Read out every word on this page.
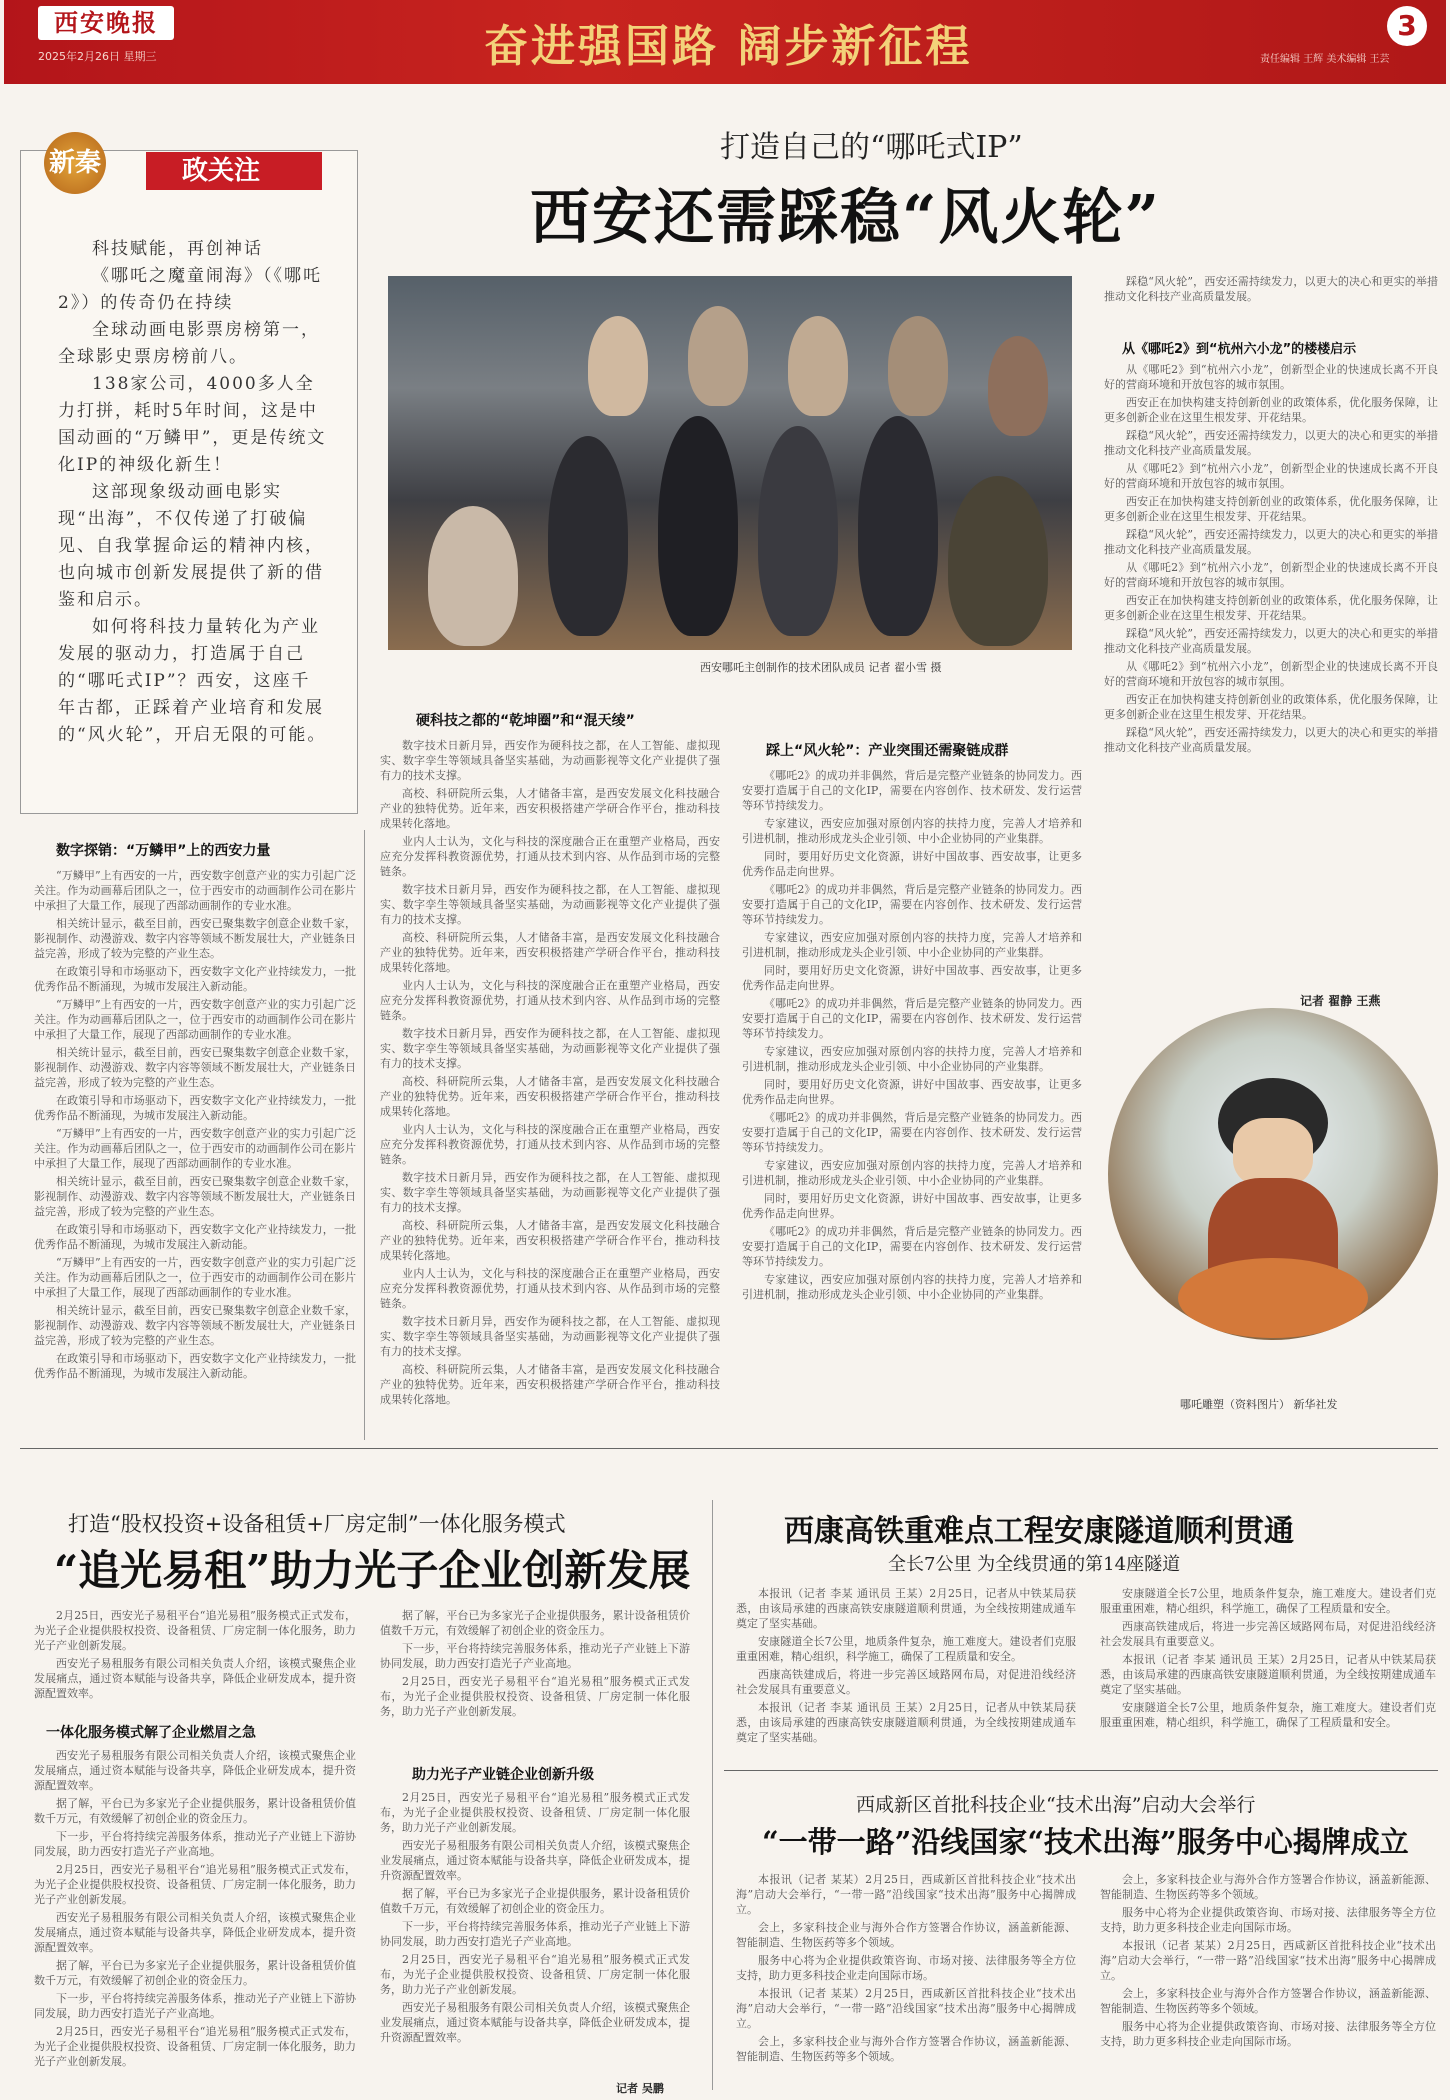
西安晚报
2025年2月26日 星期三	奋进强国路 阔步新征程	3
责任编辑 王辉 美术编辑 王芸
新秦	政关注

科技赋能，再创神话

《哪吒之魔童闹海》（《哪吒2》）的传奇仍在持续

全球动画电影票房榜第一，全球影史票房榜前八。

138家公司，4000多人全力打拼，耗时5年时间，这是中国动画的“万鳞甲”，更是传统文化IP的神级化新生！

这部现象级动画电影实现“出海”，不仅传递了打破偏见、自我掌握命运的精神内核，也向城市创新发展提供了新的借鉴和启示。

如何将科技力量转化为产业发展的驱动力，打造属于自己的“哪吒式IP”？西安，这座千年古都，正踩着产业培育和发展的“风火轮”，开启无限的可能。

打造自己的“哪吒式IP”
西安还需踩稳“风火轮”
西安哪吒主创制作的技术团队成员 记者 翟小雪 摄
数字探销：“万鳞甲”上的西安力量

“万鳞甲”上有西安的一片，西安数字创意产业的实力引起广泛关注。作为动画幕后团队之一，位于西安市的动画制作公司在影片中承担了大量工作，展现了西部动画制作的专业水准。

相关统计显示，截至目前，西安已聚集数字创意企业数千家，影视制作、动漫游戏、数字内容等领域不断发展壮大，产业链条日益完善，形成了较为完整的产业生态。

在政策引导和市场驱动下，西安数字文化产业持续发力，一批优秀作品不断涌现，为城市发展注入新动能。

“万鳞甲”上有西安的一片，西安数字创意产业的实力引起广泛关注。作为动画幕后团队之一，位于西安市的动画制作公司在影片中承担了大量工作，展现了西部动画制作的专业水准。

相关统计显示，截至目前，西安已聚集数字创意企业数千家，影视制作、动漫游戏、数字内容等领域不断发展壮大，产业链条日益完善，形成了较为完整的产业生态。

在政策引导和市场驱动下，西安数字文化产业持续发力，一批优秀作品不断涌现，为城市发展注入新动能。

“万鳞甲”上有西安的一片，西安数字创意产业的实力引起广泛关注。作为动画幕后团队之一，位于西安市的动画制作公司在影片中承担了大量工作，展现了西部动画制作的专业水准。

相关统计显示，截至目前，西安已聚集数字创意企业数千家，影视制作、动漫游戏、数字内容等领域不断发展壮大，产业链条日益完善，形成了较为完整的产业生态。

在政策引导和市场驱动下，西安数字文化产业持续发力，一批优秀作品不断涌现，为城市发展注入新动能。

“万鳞甲”上有西安的一片，西安数字创意产业的实力引起广泛关注。作为动画幕后团队之一，位于西安市的动画制作公司在影片中承担了大量工作，展现了西部动画制作的专业水准。

相关统计显示，截至目前，西安已聚集数字创意企业数千家，影视制作、动漫游戏、数字内容等领域不断发展壮大，产业链条日益完善，形成了较为完整的产业生态。

在政策引导和市场驱动下，西安数字文化产业持续发力，一批优秀作品不断涌现，为城市发展注入新动能。

硬科技之都的“乾坤圈”和“混天绫”

数字技术日新月异，西安作为硬科技之都，在人工智能、虚拟现实、数字孪生等领域具备坚实基础，为动画影视等文化产业提供了强有力的技术支撑。

高校、科研院所云集，人才储备丰富，是西安发展文化科技融合产业的独特优势。近年来，西安积极搭建产学研合作平台，推动科技成果转化落地。

业内人士认为，文化与科技的深度融合正在重塑产业格局，西安应充分发挥科教资源优势，打通从技术到内容、从作品到市场的完整链条。

数字技术日新月异，西安作为硬科技之都，在人工智能、虚拟现实、数字孪生等领域具备坚实基础，为动画影视等文化产业提供了强有力的技术支撑。

高校、科研院所云集，人才储备丰富，是西安发展文化科技融合产业的独特优势。近年来，西安积极搭建产学研合作平台，推动科技成果转化落地。

业内人士认为，文化与科技的深度融合正在重塑产业格局，西安应充分发挥科教资源优势，打通从技术到内容、从作品到市场的完整链条。

数字技术日新月异，西安作为硬科技之都，在人工智能、虚拟现实、数字孪生等领域具备坚实基础，为动画影视等文化产业提供了强有力的技术支撑。

高校、科研院所云集，人才储备丰富，是西安发展文化科技融合产业的独特优势。近年来，西安积极搭建产学研合作平台，推动科技成果转化落地。

业内人士认为，文化与科技的深度融合正在重塑产业格局，西安应充分发挥科教资源优势，打通从技术到内容、从作品到市场的完整链条。

数字技术日新月异，西安作为硬科技之都，在人工智能、虚拟现实、数字孪生等领域具备坚实基础，为动画影视等文化产业提供了强有力的技术支撑。

高校、科研院所云集，人才储备丰富，是西安发展文化科技融合产业的独特优势。近年来，西安积极搭建产学研合作平台，推动科技成果转化落地。

业内人士认为，文化与科技的深度融合正在重塑产业格局，西安应充分发挥科教资源优势，打通从技术到内容、从作品到市场的完整链条。

数字技术日新月异，西安作为硬科技之都，在人工智能、虚拟现实、数字孪生等领域具备坚实基础，为动画影视等文化产业提供了强有力的技术支撑。

高校、科研院所云集，人才储备丰富，是西安发展文化科技融合产业的独特优势。近年来，西安积极搭建产学研合作平台，推动科技成果转化落地。

踩上“风火轮”：产业突围还需聚链成群

《哪吒2》的成功并非偶然，背后是完整产业链条的协同发力。西安要打造属于自己的文化IP，需要在内容创作、技术研发、发行运营等环节持续发力。

专家建议，西安应加强对原创内容的扶持力度，完善人才培养和引进机制，推动形成龙头企业引领、中小企业协同的产业集群。

同时，要用好历史文化资源，讲好中国故事、西安故事，让更多优秀作品走向世界。

《哪吒2》的成功并非偶然，背后是完整产业链条的协同发力。西安要打造属于自己的文化IP，需要在内容创作、技术研发、发行运营等环节持续发力。

专家建议，西安应加强对原创内容的扶持力度，完善人才培养和引进机制，推动形成龙头企业引领、中小企业协同的产业集群。

同时，要用好历史文化资源，讲好中国故事、西安故事，让更多优秀作品走向世界。

《哪吒2》的成功并非偶然，背后是完整产业链条的协同发力。西安要打造属于自己的文化IP，需要在内容创作、技术研发、发行运营等环节持续发力。

专家建议，西安应加强对原创内容的扶持力度，完善人才培养和引进机制，推动形成龙头企业引领、中小企业协同的产业集群。

同时，要用好历史文化资源，讲好中国故事、西安故事，让更多优秀作品走向世界。

《哪吒2》的成功并非偶然，背后是完整产业链条的协同发力。西安要打造属于自己的文化IP，需要在内容创作、技术研发、发行运营等环节持续发力。

专家建议，西安应加强对原创内容的扶持力度，完善人才培养和引进机制，推动形成龙头企业引领、中小企业协同的产业集群。

同时，要用好历史文化资源，讲好中国故事、西安故事，让更多优秀作品走向世界。

《哪吒2》的成功并非偶然，背后是完整产业链条的协同发力。西安要打造属于自己的文化IP，需要在内容创作、技术研发、发行运营等环节持续发力。

专家建议，西安应加强对原创内容的扶持力度，完善人才培养和引进机制，推动形成龙头企业引领、中小企业协同的产业集群。

踩稳“风火轮”，西安还需持续发力，以更大的决心和更实的举措推动文化科技产业高质量发展。

从《哪吒2》到“杭州六小龙”的楼楼启示

从《哪吒2》到“杭州六小龙”，创新型企业的快速成长离不开良好的营商环境和开放包容的城市氛围。

西安正在加快构建支持创新创业的政策体系，优化服务保障，让更多创新企业在这里生根发芽、开花结果。

踩稳“风火轮”，西安还需持续发力，以更大的决心和更实的举措推动文化科技产业高质量发展。

从《哪吒2》到“杭州六小龙”，创新型企业的快速成长离不开良好的营商环境和开放包容的城市氛围。

西安正在加快构建支持创新创业的政策体系，优化服务保障，让更多创新企业在这里生根发芽、开花结果。

踩稳“风火轮”，西安还需持续发力，以更大的决心和更实的举措推动文化科技产业高质量发展。

从《哪吒2》到“杭州六小龙”，创新型企业的快速成长离不开良好的营商环境和开放包容的城市氛围。

西安正在加快构建支持创新创业的政策体系，优化服务保障，让更多创新企业在这里生根发芽、开花结果。

踩稳“风火轮”，西安还需持续发力，以更大的决心和更实的举措推动文化科技产业高质量发展。

从《哪吒2》到“杭州六小龙”，创新型企业的快速成长离不开良好的营商环境和开放包容的城市氛围。

西安正在加快构建支持创新创业的政策体系，优化服务保障，让更多创新企业在这里生根发芽、开花结果。

踩稳“风火轮”，西安还需持续发力，以更大的决心和更实的举措推动文化科技产业高质量发展。

记者 翟静 王燕
哪吒雕塑（资料图片） 新华社发
打造“股权投资+设备租赁+厂房定制”一体化服务模式
“追光易租”助力光子企业创新发展

2月25日，西安光子易租平台“追光易租”服务模式正式发布，为光子企业提供股权投资、设备租赁、厂房定制一体化服务，助力光子产业创新发展。

西安光子易租服务有限公司相关负责人介绍，该模式聚焦企业发展痛点，通过资本赋能与设备共享，降低企业研发成本，提升资源配置效率。

一体化服务模式解了企业燃眉之急

西安光子易租服务有限公司相关负责人介绍，该模式聚焦企业发展痛点，通过资本赋能与设备共享，降低企业研发成本，提升资源配置效率。

据了解，平台已为多家光子企业提供服务，累计设备租赁价值数千万元，有效缓解了初创企业的资金压力。

下一步，平台将持续完善服务体系，推动光子产业链上下游协同发展，助力西安打造光子产业高地。

2月25日，西安光子易租平台“追光易租”服务模式正式发布，为光子企业提供股权投资、设备租赁、厂房定制一体化服务，助力光子产业创新发展。

西安光子易租服务有限公司相关负责人介绍，该模式聚焦企业发展痛点，通过资本赋能与设备共享，降低企业研发成本，提升资源配置效率。

据了解，平台已为多家光子企业提供服务，累计设备租赁价值数千万元，有效缓解了初创企业的资金压力。

下一步，平台将持续完善服务体系，推动光子产业链上下游协同发展，助力西安打造光子产业高地。

2月25日，西安光子易租平台“追光易租”服务模式正式发布，为光子企业提供股权投资、设备租赁、厂房定制一体化服务，助力光子产业创新发展。

据了解，平台已为多家光子企业提供服务，累计设备租赁价值数千万元，有效缓解了初创企业的资金压力。

下一步，平台将持续完善服务体系，推动光子产业链上下游协同发展，助力西安打造光子产业高地。

2月25日，西安光子易租平台“追光易租”服务模式正式发布，为光子企业提供股权投资、设备租赁、厂房定制一体化服务，助力光子产业创新发展。

助力光子产业链企业创新升级

2月25日，西安光子易租平台“追光易租”服务模式正式发布，为光子企业提供股权投资、设备租赁、厂房定制一体化服务，助力光子产业创新发展。

西安光子易租服务有限公司相关负责人介绍，该模式聚焦企业发展痛点，通过资本赋能与设备共享，降低企业研发成本，提升资源配置效率。

据了解，平台已为多家光子企业提供服务，累计设备租赁价值数千万元，有效缓解了初创企业的资金压力。

下一步，平台将持续完善服务体系，推动光子产业链上下游协同发展，助力西安打造光子产业高地。

2月25日，西安光子易租平台“追光易租”服务模式正式发布，为光子企业提供股权投资、设备租赁、厂房定制一体化服务，助力光子产业创新发展。

西安光子易租服务有限公司相关负责人介绍，该模式聚焦企业发展痛点，通过资本赋能与设备共享，降低企业研发成本，提升资源配置效率。

记者 吴鹏
西康高铁重难点工程安康隧道顺利贯通
全长7公里 为全线贯通的第14座隧道

本报讯（记者 李某 通讯员 王某）2月25日，记者从中铁某局获悉，由该局承建的西康高铁安康隧道顺利贯通，为全线按期建成通车奠定了坚实基础。

安康隧道全长7公里，地质条件复杂，施工难度大。建设者们克服重重困难，精心组织，科学施工，确保了工程质量和安全。

西康高铁建成后，将进一步完善区域路网布局，对促进沿线经济社会发展具有重要意义。

本报讯（记者 李某 通讯员 王某）2月25日，记者从中铁某局获悉，由该局承建的西康高铁安康隧道顺利贯通，为全线按期建成通车奠定了坚实基础。

安康隧道全长7公里，地质条件复杂，施工难度大。建设者们克服重重困难，精心组织，科学施工，确保了工程质量和安全。

西康高铁建成后，将进一步完善区域路网布局，对促进沿线经济社会发展具有重要意义。

本报讯（记者 李某 通讯员 王某）2月25日，记者从中铁某局获悉，由该局承建的西康高铁安康隧道顺利贯通，为全线按期建成通车奠定了坚实基础。

安康隧道全长7公里，地质条件复杂，施工难度大。建设者们克服重重困难，精心组织，科学施工，确保了工程质量和安全。

西咸新区首批科技企业“技术出海”启动大会举行
“一带一路”沿线国家“技术出海”服务中心揭牌成立

本报讯（记者 某某）2月25日，西咸新区首批科技企业“技术出海”启动大会举行，“一带一路”沿线国家“技术出海”服务中心揭牌成立。

会上，多家科技企业与海外合作方签署合作协议，涵盖新能源、智能制造、生物医药等多个领域。

服务中心将为企业提供政策咨询、市场对接、法律服务等全方位支持，助力更多科技企业走向国际市场。

本报讯（记者 某某）2月25日，西咸新区首批科技企业“技术出海”启动大会举行，“一带一路”沿线国家“技术出海”服务中心揭牌成立。

会上，多家科技企业与海外合作方签署合作协议，涵盖新能源、智能制造、生物医药等多个领域。

会上，多家科技企业与海外合作方签署合作协议，涵盖新能源、智能制造、生物医药等多个领域。

服务中心将为企业提供政策咨询、市场对接、法律服务等全方位支持，助力更多科技企业走向国际市场。

本报讯（记者 某某）2月25日，西咸新区首批科技企业“技术出海”启动大会举行，“一带一路”沿线国家“技术出海”服务中心揭牌成立。

会上，多家科技企业与海外合作方签署合作协议，涵盖新能源、智能制造、生物医药等多个领域。

服务中心将为企业提供政策咨询、市场对接、法律服务等全方位支持，助力更多科技企业走向国际市场。
